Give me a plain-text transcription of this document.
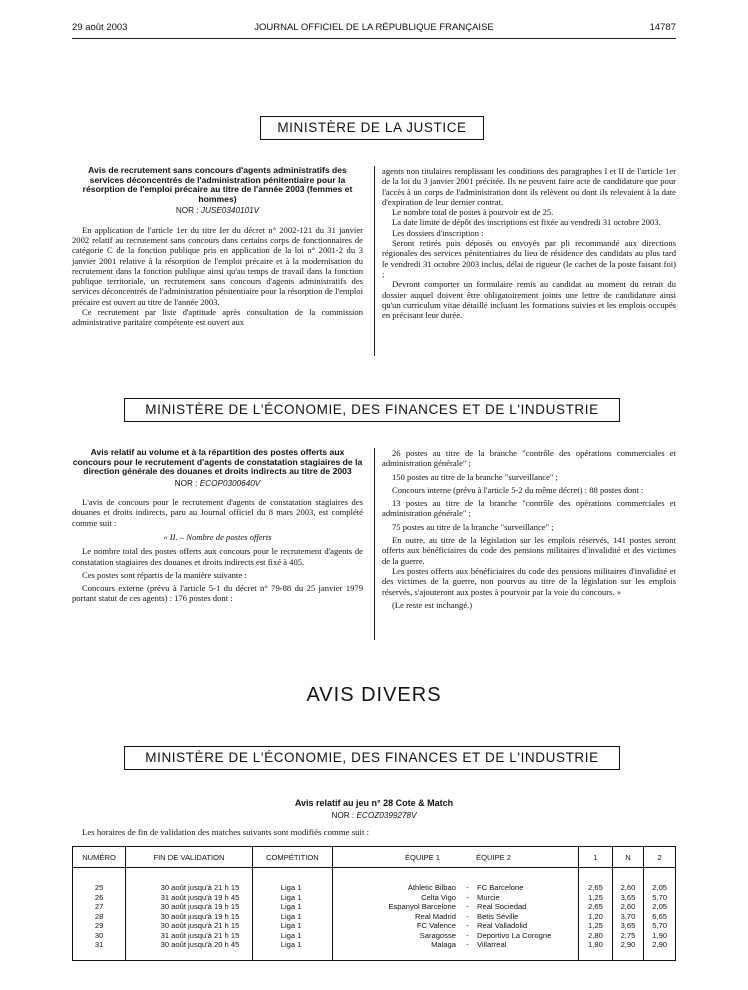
29 août 2003	JOURNAL OFFICIEL DE LA RÉPUBLIQUE FRANÇAISE	14787
MINISTÈRE DE LA JUSTICE
Avis de recrutement sans concours d'agents administratifs des services déconcentrés de l'administration pénitentiaire pour la résorption de l'emploi précaire au titre de l'année 2003 (femmes et hommes)
NOR : JUSE0340101V

En application de l'article 1er du titre Ier du décret n° 2002-121 du 31 janvier 2002 relatif au recrutement sans concours dans certains corps de fonctionnaires de catégorie C de la fonction publique pris en application de la loi n° 2001-2 du 3 janvier 2001 relative à la résorption de l'emploi précaire et à la modernisation du recrutement dans la fonction publique ainsi qu'au temps de travail dans la fonction publique territoriale, un recrutement sans concours d'agents administratifs des services déconcentrés de l'administration pénitentiaire pour la résorption de l'emploi précaire est ouvert au titre de l'année 2003.

Ce recrutement par liste d'aptitude après consultation de la commission administrative paritaire compétente est ouvert aux

agents non titulaires remplissant les conditions des paragraphes I et II de l'article 1er de la loi du 3 janvier 2001 précitée. Ils ne peuvent faire acte de candidature que pour l'accès à un corps de l'administration dont ils relèvent ou dont ils relevaient à la date d'expiration de leur dernier contrat.

Le nombre total de postes à pourvoir est de 25.

La date limite de dépôt des inscriptions est fixée au vendredi 31 octobre 2003.

Les dossiers d'inscription :

Seront retirés puis déposés ou envoyés par pli recommandé aux directions régionales des services pénitentiaires du lieu de résidence des candidats au plus tard le vendredi 31 octobre 2003 inclus, délai de rigueur (le cachet de la poste faisant foi) ;

Devront comporter un formulaire remis au candidat au moment du retrait du dossier auquel doivent être obligatoirement joints une lettre de candidature ainsi qu'un curriculum vitae détaillé incluant les formations suivies et les emplois occupés en précisant leur durée.

MINISTÈRE DE L'ÉCONOMIE, DES FINANCES ET DE L'INDUSTRIE
Avis relatif au volume et à la répartition des postes offerts aux concours pour le recrutement d'agents de constatation stagiaires de la direction générale des douanes et droits indirects au titre de 2003
NOR : ECOP0300640V

L'avis de concours pour le recrutement d'agents de constatation stagiaires des douanes et droits indirects, paru au Journal officiel du 8 mars 2003, est complété comme suit :

« II. – Nombre de postes offerts

Le nombre total des postes offerts aux concours pour le recrutement d'agents de constatation stagiaires des douanes et droits indirects est fixé à 405.

Ces postes sont répartis de la manière suivante :

Concours externe (prévu à l'article 5-1 du décret n° 79-88 du 25 janvier 1979 portant statut de ces agents) : 176 postes dont :

26 postes au titre de la branche "contrôle des opérations commerciales et administration générale" ;

150 postes au titre de la branche "surveillance" ;

Concours interne (prévu à l'article 5-2 du même décret) : 88 postes dont :

13 postes au titre de la branche "contrôle des opérations commerciales et administration générale" ;

75 postes au titre de la branche "surveillance" ;

En outre, au titre de la législation sur les emplois réservés, 141 postes seront offerts aux bénéficiaires du code des pensions militaires d'invalidité et des victimes de la guerre.

Les postes offerts aux bénéficiaires du code des pensions militaires d'invalidité et des victimes de la guerre, non pourvus au titre de la législation sur les emplois réservés, s'ajouteront aux postes à pourvoir par la voie du concours. »

(Le reste est inchangé.)

AVIS DIVERS
MINISTÈRE DE L'ÉCONOMIE, DES FINANCES ET DE L'INDUSTRIE
Avis relatif au jeu n° 28 Cote & Match
NOR : ECOZ0399278V
Les horaires de fin de validation des matches suivants sont modifiés comme suit :
NUMÉRO	FIN DE VALIDATION	COMPÉTITION	ÉQUIPE 1		ÉQUIPE 2	1	N	2
25	30 août jusqu'à 21 h 15	Liga 1	Athletic Bilbao	-	FC Barcelone	2,65	2,60	2,05
26	31 août jusqu'à 19 h 45	Liga 1	Celta Vigo	-	Murcie	1,25	3,65	5,70
27	30 août jusqu'à 19 h 15	Liga 1	Espanyol Barcelone	-	Real Sociedad	2,65	2,60	2,05
28	30 août jusqu'à 19 h 15	Liga 1	Real Madrid	-	Betis Séville	1,20	3,70	6,65
29	30 août jusqu'à 21 h 15	Liga 1	FC Valence	-	Real Valladolid	1,25	3,65	5,70
30	31 août jusqu'à 21 h 15	Liga 1	Saragosse	-	Deportivo La Corogne	2,80	2,75	1,90
31	30 août jusqu'à 20 h 45	Liga 1	Malaga	-	Villarreal	1,80	2,90	2,90
